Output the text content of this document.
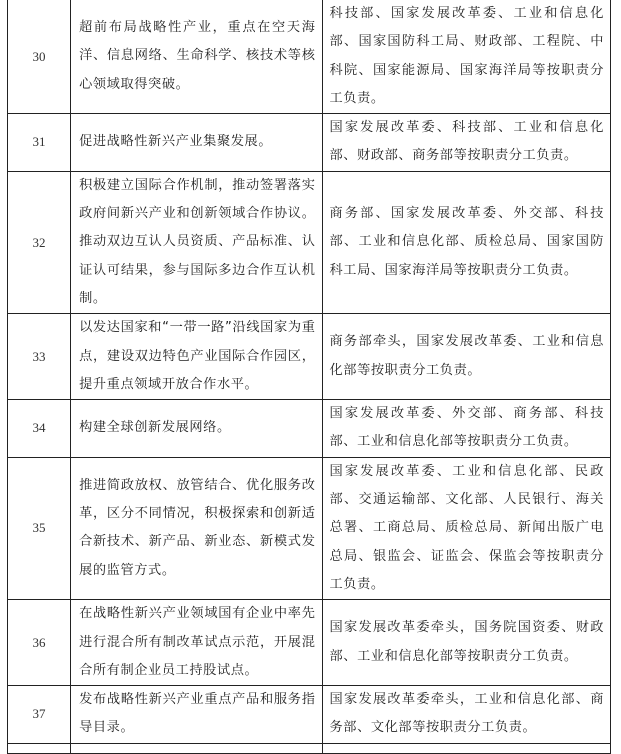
30	超前布局战略性产业，重点在空天海洋、信息网络、生命科学、核技术等核心领域取得突破。	科技部、国家发展改革委、工业和信息化部、国家国防科工局、财政部、工程院、中科院、国家能源局、国家海洋局等按职责分工负责。

31	促进战略性新兴产业集聚发展。	国家发展改革委、科技部、工业和信息化部、财政部、商务部等按职责分工负责。

32	积极建立国际合作机制，推动签署落实政府间新兴产业和创新领域合作协议。推动双边互认人员资质、产品标准、认证认可结果，参与国际多边合作互认机制。	商务部、国家发展改革委、外交部、科技部、工业和信息化部、质检总局、国家国防科工局、国家海洋局等按职责分工负责。

33	以发达国家和“一带一路”沿线国家为重点，建设双边特色产业国际合作园区，提升重点领域开放合作水平。	商务部牵头，国家发展改革委、工业和信息化部等按职责分工负责。

34	构建全球创新发展网络。	国家发展改革委、外交部、商务部、科技部、工业和信息化部等按职责分工负责。

35	推进简政放权、放管结合、优化服务改革，区分不同情况，积极探索和创新适合新技术、新产品、新业态、新模式发展的监管方式。	国家发展改革委、工业和信息化部、民政部、交通运输部、文化部、人民银行、海关总署、工商总局、质检总局、新闻出版广电总局、银监会、证监会、保监会等按职责分工负责。

36	在战略性新兴产业领域国有企业中率先进行混合所有制改革试点示范，开展混合所有制企业员工持股试点。	国家发展改革委牵头，国务院国资委、财政部、工业和信息化部等按职责分工负责。

37	发布战略性新兴产业重点产品和服务指导目录。	国家发展改革委牵头，工业和信息化部、商务部、文化部等按职责分工负责。
